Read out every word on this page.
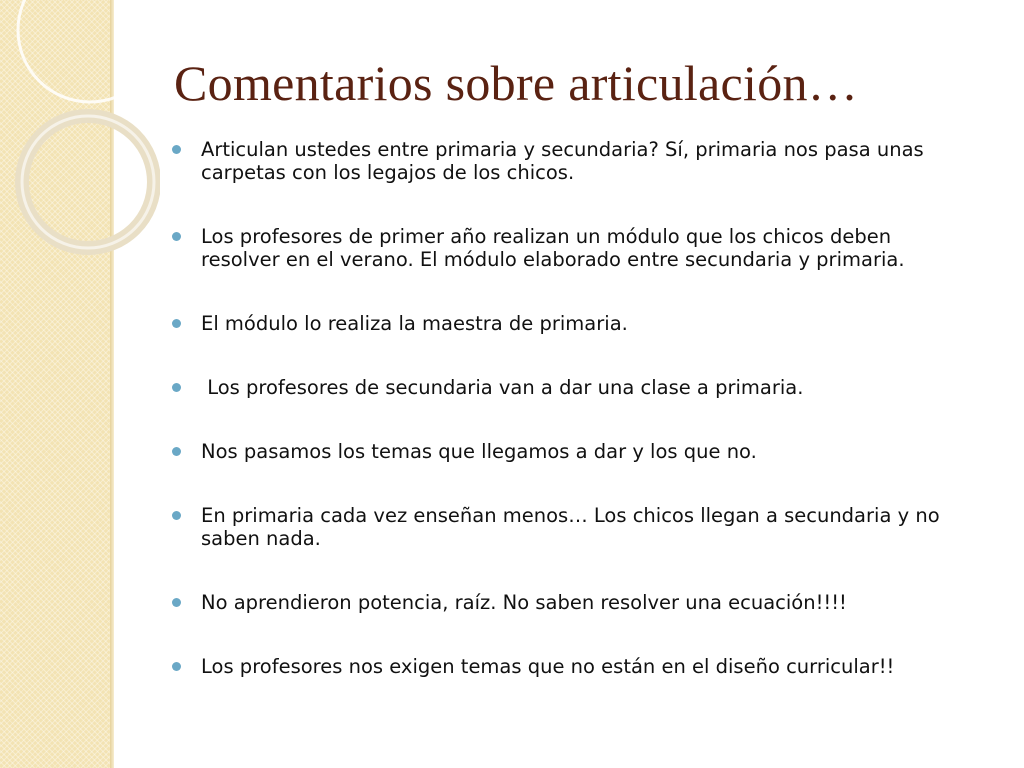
Comentarios sobre articulación…
Articulan ustedes entre primaria y secundaria? Sí, primaria nos pasa unas carpetas con los legajos de los chicos.
Los profesores de primer año realizan un módulo que los chicos deben resolver en el verano. El módulo elaborado entre secundaria y primaria.
El módulo lo realiza la maestra de primaria.
Los profesores de secundaria van a dar una clase a primaria.
Nos pasamos los temas que llegamos a dar y los que no.
En primaria cada vez enseñan menos… Los chicos llegan a secundaria y no saben nada.
No aprendieron potencia, raíz. No saben resolver una ecuación!!!!
Los profesores nos exigen temas que no están en el diseño curricular!!
